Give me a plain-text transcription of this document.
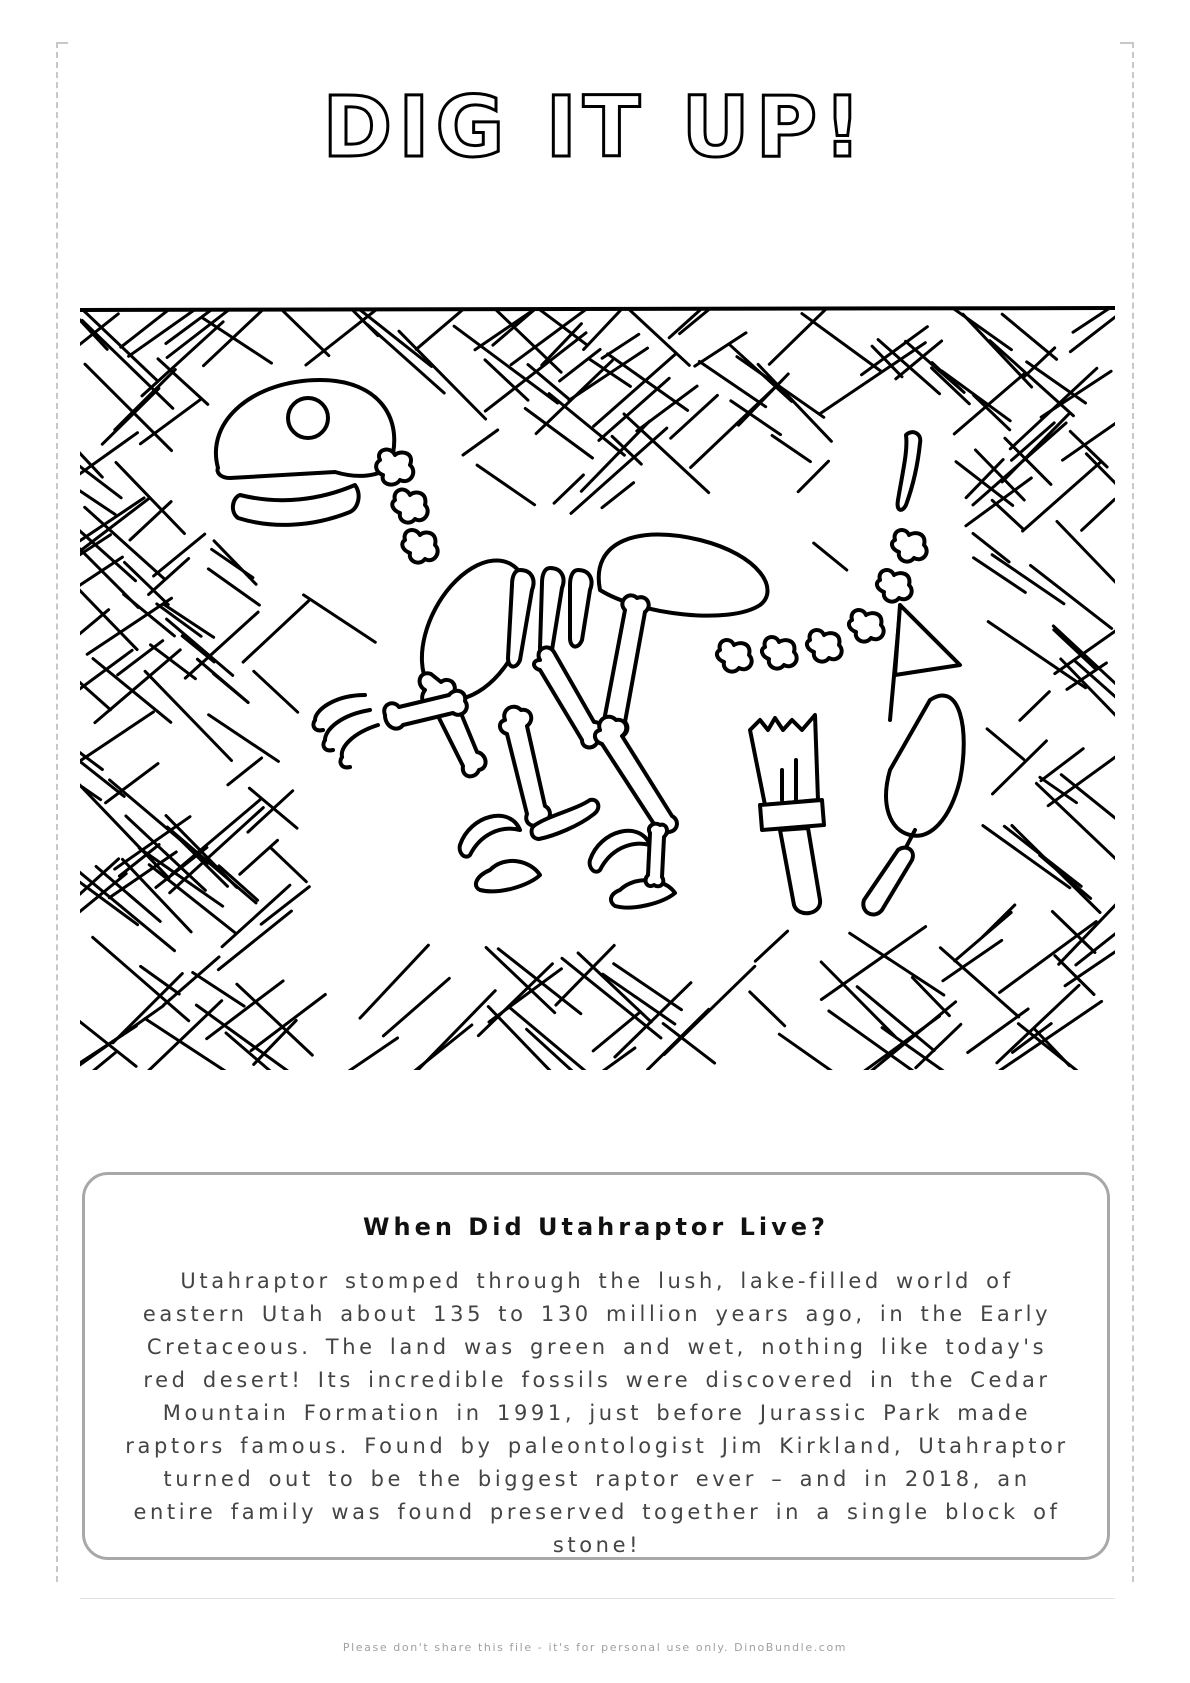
DIG IT UP!
When Did Utahraptor Live?
Utahraptor stomped through the lush, lake-filled world of eastern Utah about 135 to 130 million years ago, in the Early Cretaceous. The land was green and wet, nothing like today's red desert! Its incredible fossils were discovered in the Cedar Mountain Formation in 1991, just before Jurassic Park made raptors famous. Found by paleontologist Jim Kirkland, Utahraptor turned out to be the biggest raptor ever – and in 2018, an entire family was found preserved together in a single block of stone!
Please don't share this file - it's for personal use only. DinoBundle.com
